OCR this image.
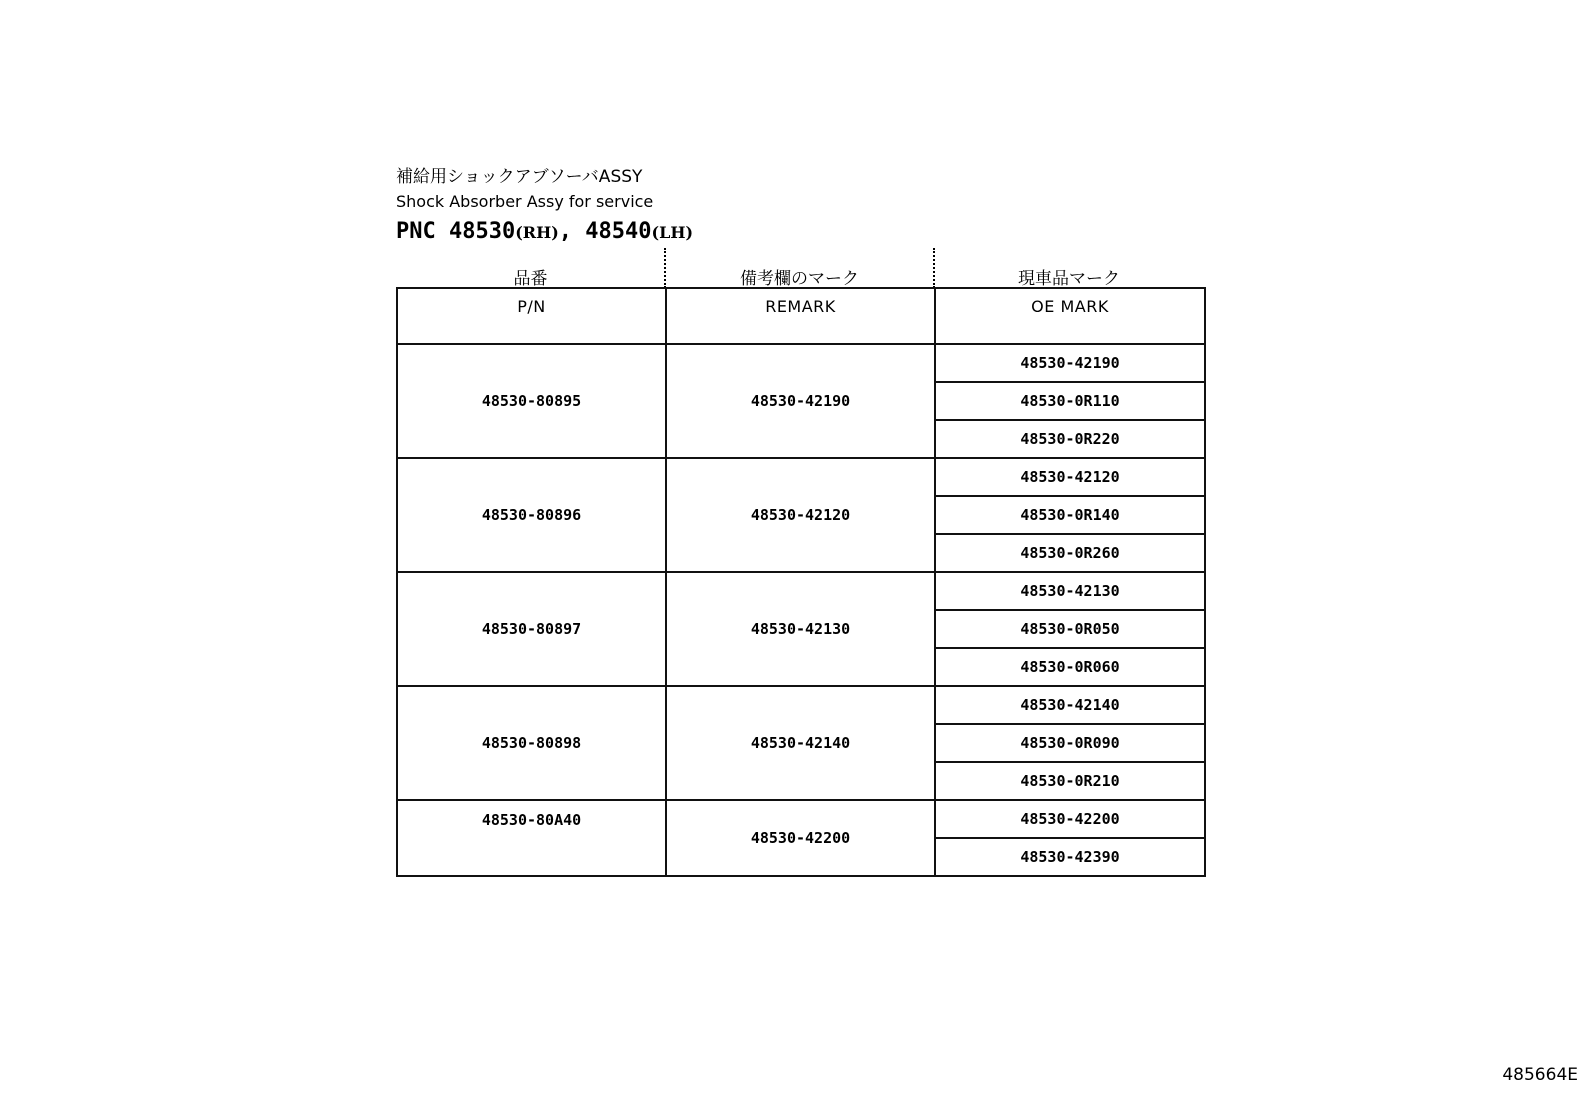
補給用ショックアブソーバASSY
Shock Absorber Assy for service
PNC 48530(RH), 48540(LH)
品番	備考欄のマーク	現車品マーク
P/N	REMARK	OE MARK
48530-80895	48530-42190	48530-42190
		48530-0R110
		48530-0R220
48530-80896	48530-42120	48530-42120
		48530-0R140
		48530-0R260
48530-80897	48530-42130	48530-42130
		48530-0R050
		48530-0R060
48530-80898	48530-42140	48530-42140
		48530-0R090
		48530-0R210
48530-80A40	48530-42200	48530-42200
		48530-42390
485664E
